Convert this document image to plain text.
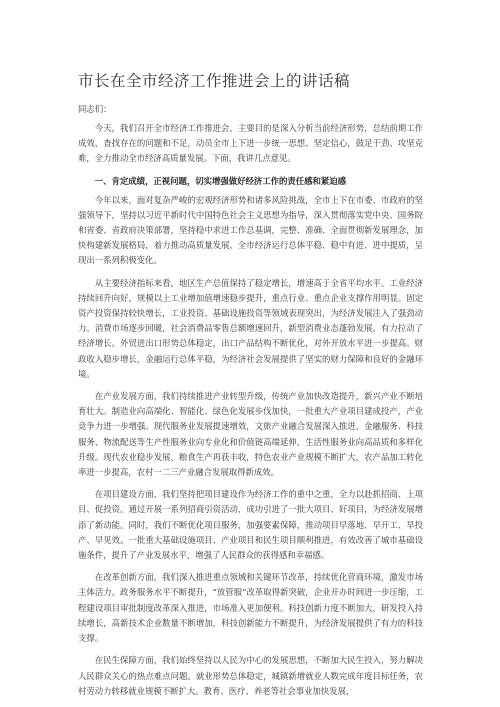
市长在全市经济工作推进会上的讲话稿

同志们：

今天，我们召开全市经济工作推进会，主要目的是深入分析当前经济形势，总结前期工作成效，查找存在的问题和不足，动员全市上下进一步统一思想、坚定信心，鼓足干劲、攻坚克难，全力推动全市经济高质量发展。下面，我讲几点意见。

一、肯定成绩，正视问题，切实增强做好经济工作的责任感和紧迫感

今年以来，面对复杂严峻的宏观经济形势和诸多风险挑战，全市上下在市委、市政府的坚强领导下，坚持以习近平新时代中国特色社会主义思想为指导，深入贯彻落实党中央、国务院和省委、省政府决策部署，坚持稳中求进工作总基调，完整、准确、全面贯彻新发展理念，加快构建新发展格局，着力推动高质量发展，全市经济运行总体平稳、稳中有进、进中提质，呈现出一系列积极变化。

从主要经济指标来看，地区生产总值保持了稳定增长，增速高于全省平均水平。工业经济持续回升向好，规模以上工业增加值增速稳步提升，重点行业、重点企业支撑作用明显。固定资产投资保持较快增长，工业投资、基础设施投资等领域表现突出，为经济发展注入了强劲动力。消费市场逐步回暖，社会消费品零售总额增速回升，新型消费业态蓬勃发展，有力拉动了经济增长。外贸进出口形势总体稳定，出口产品结构不断优化，对外开放水平进一步提高。财政收入稳步增长，金融运行总体平稳，为经济社会发展提供了坚实的财力保障和良好的金融环境。

在产业发展方面，我们持续推进产业转型升级，传统产业加快改造提升，新兴产业不断培育壮大。制造业向高端化、智能化、绿色化发展步伐加快，一批重大产业项目建成投产，产业竞争力进一步增强。现代服务业发展提速增效，文旅产业融合发展深入推进，金融服务、科技服务、物流配送等生产性服务业向专业化和价值链高端延伸，生活性服务业向高品质和多样化升级。现代农业稳步发展，粮食生产再获丰收，特色农业产业规模不断扩大，农产品加工转化率进一步提高，农村一二三产业融合发展取得新成效。

在项目建设方面，我们坚持把项目建设作为经济工作的重中之重，全力以赴抓招商、上项目、促投资。通过开展一系列招商引资活动，成功引进了一批大项目、好项目，为经济发展增添了新动能。同时，我们不断优化项目服务，加强要素保障，推动项目早落地、早开工、早投产、早见效。一批重大基础设施项目、产业项目和民生项目顺利推进，有效改善了城市基础设施条件，提升了产业发展水平，增强了人民群众的获得感和幸福感。

在改革创新方面，我们深入推进重点领域和关键环节改革，持续优化营商环境，激发市场主体活力。政务服务水平不断提升，“放管服”改革取得新突破，企业开办时间进一步压缩，工程建设项目审批制度改革深入推进，市场准入更加便利。科技创新力度不断加大，研发投入持续增长，高新技术企业数量不断增加，科技创新能力不断提升，为经济发展提供了有力的科技支撑。

在民生保障方面，我们始终坚持以人民为中心的发展思想，不断加大民生投入，努力解决人民群众关心的热点难点问题。就业形势总体稳定，城镇新增就业人数完成年度目标任务，农村劳动力转移就业规模不断扩大。教育、医疗、养老等社会事业加快发展，
